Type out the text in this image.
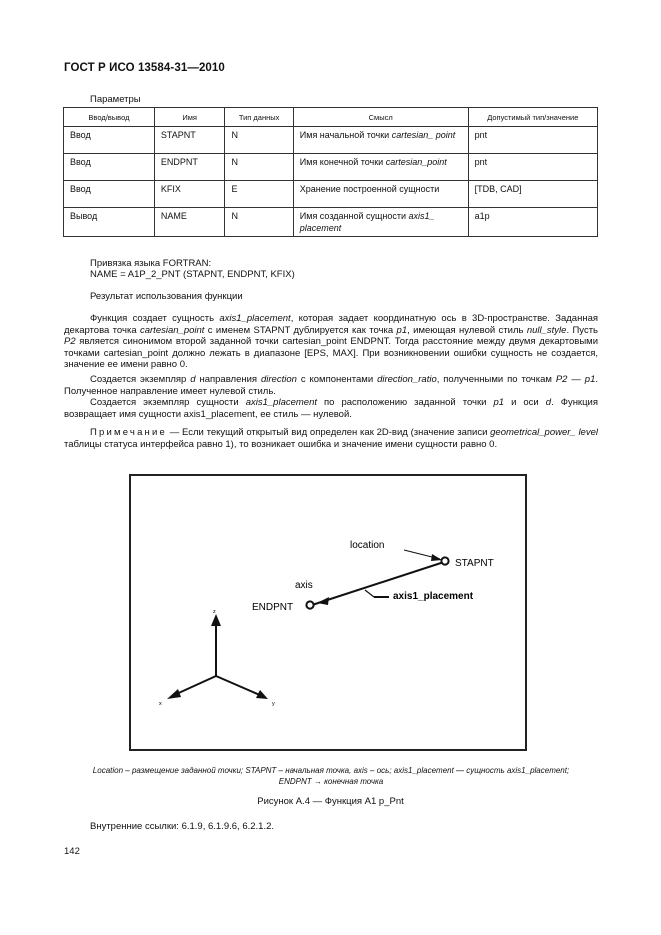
ГОСТ Р ИСО 13584-31—2010
Параметры
Ввод/вывод	Имя	Тип данных	Смысл	Допустимый тип/значение
Ввод	STAPNT	N	Имя начальной точки cartesian_ point	pnt
Ввод	ENDPNT	N	Имя конечной точки cartesian_point	pnt
Ввод	KFIX	E	Хранение построенной сущности	[TDB, CAD]
Вывод	NAME	N	Имя созданной сущности axis1_ placement	a1p
Привязка языка FORTRAN:
NAME = A1P_2_PNT (STAPNT, ENDPNT, KFIX)
Результат использования функции
Функция создает сущность axis1_placement, которая задает координатную ось в 3D-пространстве. Заданная декартова точка cartesian_point с именем STAPNT дублируется как точка p1, имеющая нулевой стиль null_style. Пусть P2 является синонимом второй заданной точки cartesian_point ENDPNT. Тогда расстояние между двумя декартовыми точками cartesian_point должно лежать в диапазоне [EPS, MAX]. При возникновении ошибки сущность не создается, значение ее имени равно 0.
Создается экземпляр d направления direction с компонентами direction_ratio, полученными по точкам P2 — p1. Полученное направление имеет нулевой стиль.
Создается экземпляр сущности axis1_placement по расположению заданной точки p1 и оси d. Функция возвращает имя сущности axis1_placement, ее стиль — нулевой.
Примечание — Если текущий открытый вид определен как 2D-вид (значение записи geometrical_power_ level таблицы статуса интерфейса равно 1), то возникает ошибка и значение имени сущности равно 0.
location
STAPNT
axis
ENDPNT
axis1_placement
z
x	y
Location – размещение заданной точки; STAPNT – начальная точка, axis – ось; axis1_placement — сущность axis1_placement;
ENDPNT → конечная точка
Рисунок А.4 — Функция А1 p_Pnt
Внутренние ссылки: 6.1.9, 6.1.9.6, 6.2.1.2.
142
